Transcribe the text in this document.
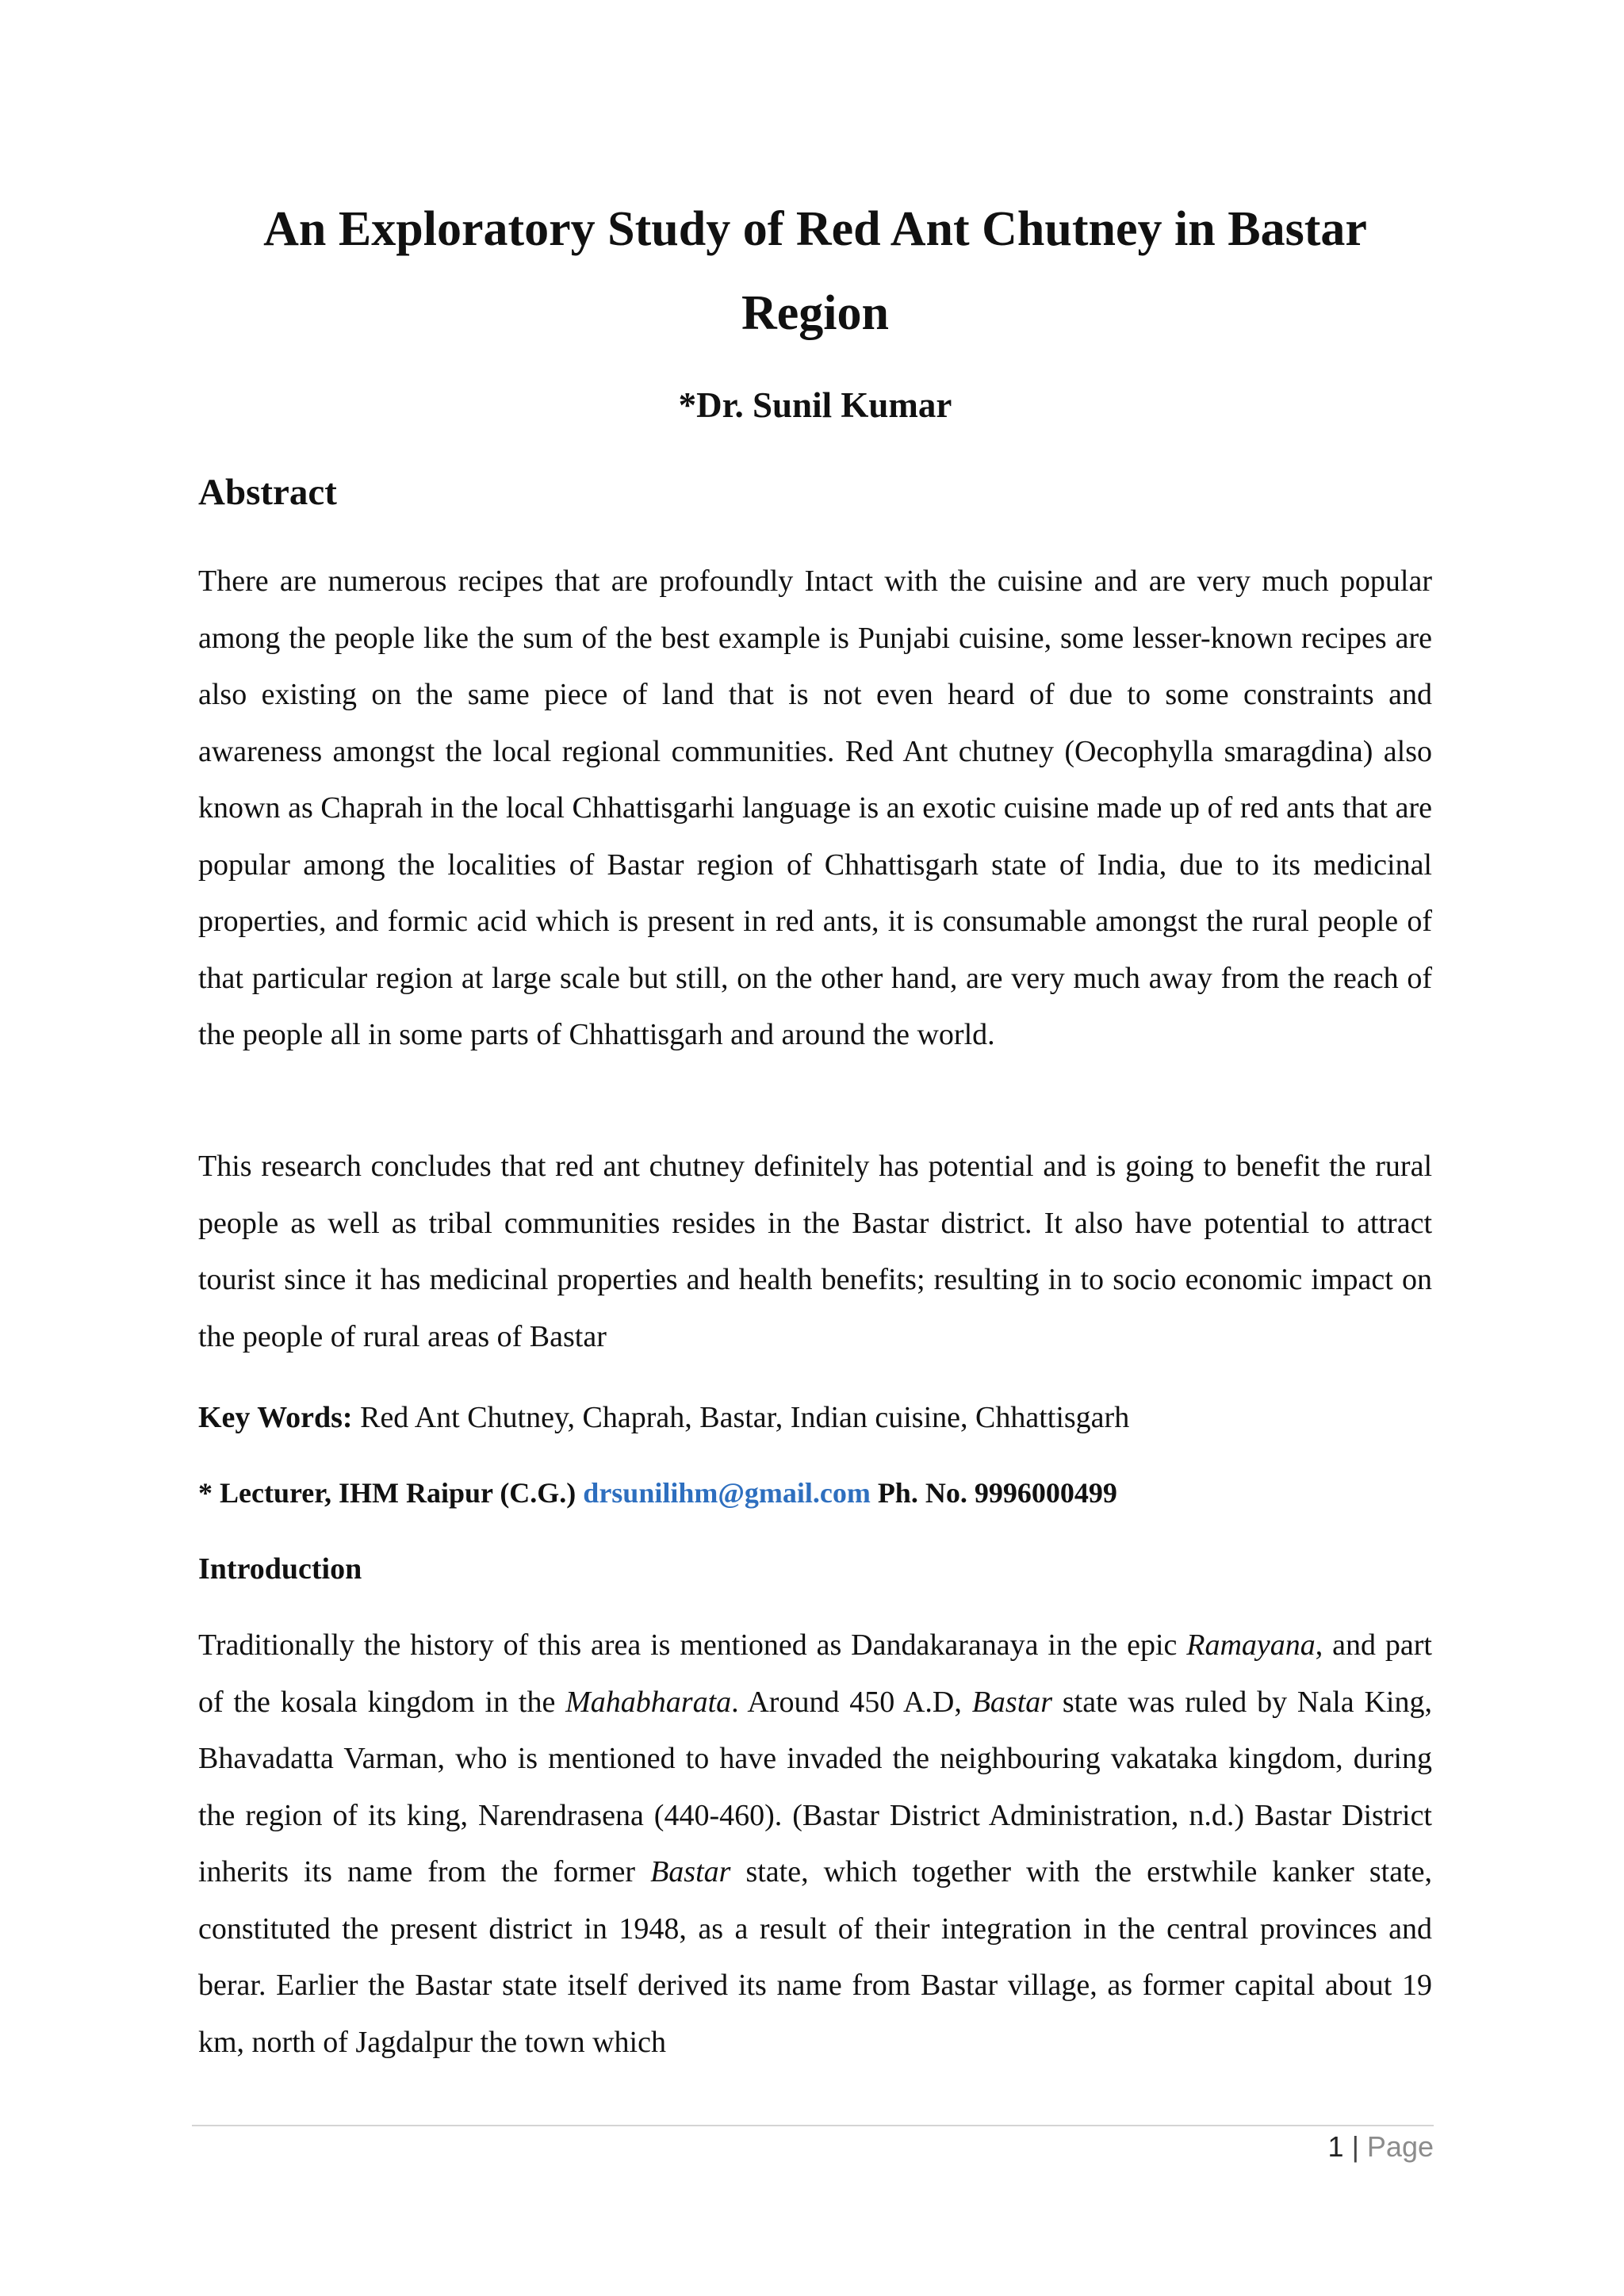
An Exploratory Study of Red Ant Chutney in Bastar Region

*Dr. Sunil Kumar

Abstract

There are numerous recipes that are profoundly Intact with the cuisine and are very much popular among the people like the sum of the best example is Punjabi cuisine, some lesser-known recipes are also existing on the same piece of land that is not even heard of due to some constraints and awareness amongst the local regional communities. Red Ant chutney (Oecophylla smaragdina) also known as Chaprah in the local Chhattisgarhi language is an exotic cuisine made up of red ants that are popular among the localities of Bastar region of Chhattisgarh state of India, due to its medicinal properties, and formic acid which is present in red ants, it is consumable amongst the rural people of that particular region at large scale but still, on the other hand, are very much away from the reach of the people all in some parts of Chhattisgarh and around the world.

This research concludes that red ant chutney definitely has potential and is going to benefit the rural people as well as tribal communities resides in the Bastar district. It also have potential to attract tourist since it has medicinal properties and health benefits; resulting in to socio economic impact on the people of rural areas of Bastar

Key Words: Red Ant Chutney, Chaprah, Bastar, Indian cuisine, Chhattisgarh

* Lecturer, IHM Raipur (C.G.) drsunilihm@gmail.com Ph. No. 9996000499

Introduction

Traditionally the history of this area is mentioned as Dandakaranaya in the epic Ramayana, and part of the kosala kingdom in the Mahabharata. Around 450 A.D, Bastar state was ruled by Nala King, Bhavadatta Varman, who is mentioned to have invaded the neighbouring vakataka kingdom, during the region of its king, Narendrasena (440-460). (Bastar District Administration, n.d.) Bastar District inherits its name from the former Bastar state, which together with the erstwhile kanker state, constituted the present district in 1948, as a result of their integration in the central provinces and berar. Earlier the Bastar state itself derived its name from Bastar village, as former capital about 19 km, north of Jagdalpur the town which

1 | Page
